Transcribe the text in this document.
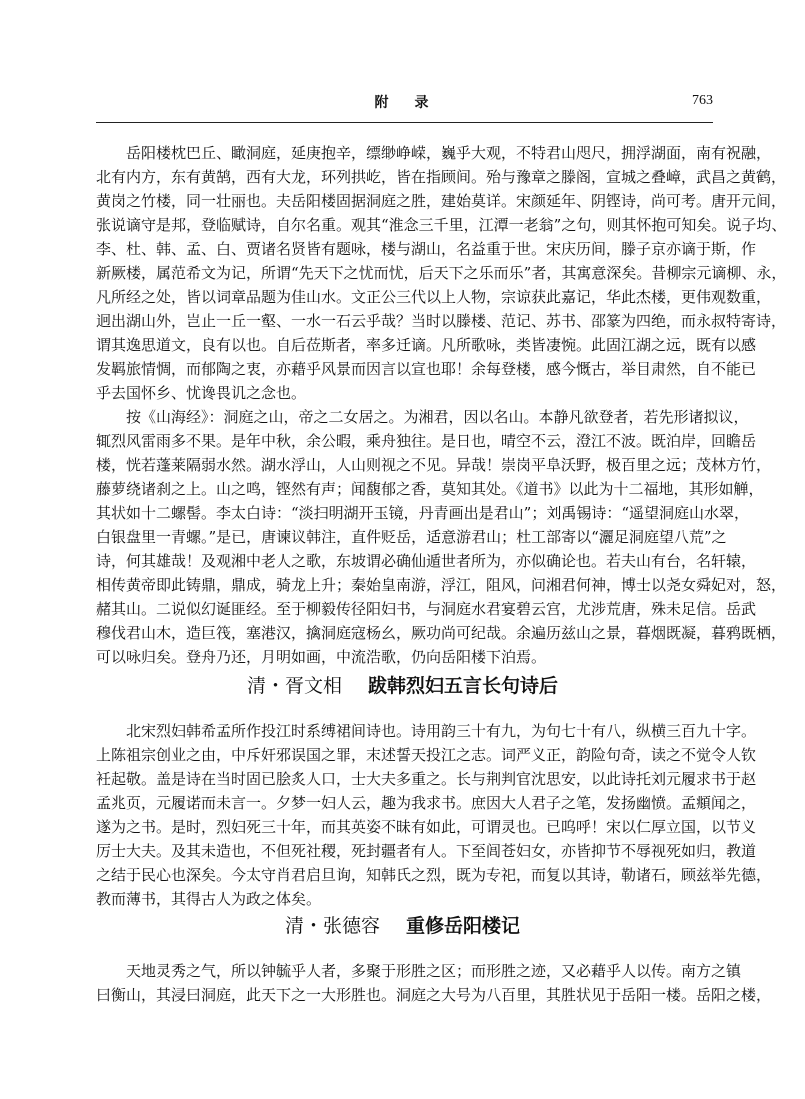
附　录	763
岳阳楼枕巴丘、瞰洞庭，延庚抱辛，缥缈峥嵘，巍乎大观，不特君山咫尺，拥浮湖面，南有祝融，
北有内方，东有黄鹄，西有大龙，环列拱屹，皆在指顾间。殆与豫章之滕阁，宣城之叠嶂，武昌之黄鹤，
黄岗之竹楼，同一壮丽也。夫岳阳楼固据洞庭之胜，建始莫详。宋颜延年、阴铿诗，尚可考。唐开元间，
张说谪守是邦，登临赋诗，自尔名重。观其“淮念三千里，江潭一老翁”之句，则其怀抱可知矣。说子均、
李、杜、韩、孟、白、贾诸名贤皆有题咏，楼与湖山，名益重于世。宋庆历间，滕子京亦谪于斯，作
新厥楼，属范希文为记，所谓“先天下之忧而忧，后天下之乐而乐”者，其寓意深矣。昔柳宗元谪柳、永，
凡所经之处，皆以词章品题为佳山水。文正公三代以上人物，宗谅获此嘉记，华此杰楼，更伟观数重，
迥出湖山外，岂止一丘一壑、一水一石云乎哉？当时以滕楼、范记、苏书、邵篆为四绝，而永叔特寄诗，
谓其逸思道文，良有以也。自后莅斯者，率多迁谪。凡所歌咏，类皆凄惋。此固江湖之远，既有以感
发羁旅情惆，而郁陶之衷，亦藉乎风景而因言以宣也耶！余每登楼，感今慨古，举目肃然，自不能已
乎去国怀乡、忧谗畏讥之念也。
按《山海经》：洞庭之山，帝之二女居之。为湘君，因以名山。本静凡欲登者，若先形诸拟议，
辄烈风雷雨多不果。是年中秋，余公暇，乘舟独往。是日也，晴空不云，澄江不波。既泊岸，回瞻岳
楼，恍若蓬莱隔弱水然。湖水浮山，人山则视之不见。异哉！崇岗平阜沃野，极百里之远；茂林方竹，
藤萝绕诸刹之上。山之鸣，铿然有声；闻馥郁之香，莫知其处。《道书》以此为十二福地，其形如觯，
其状如十二螺髻。李太白诗：“淡扫明湖开玉镜，丹青画出是君山”；刘禹锡诗：“遥望洞庭山水翠，
白银盘里一青螺。”是已，唐谏议韩注，直件贬岳，适意游君山；杜工部寄以“灑足洞庭望八荒”之
诗，何其雄哉！及观湘中老人之歌，东坡谓必确仙遁世者所为，亦似确论也。若夫山有台，名轩辕，
相传黄帝即此铸鼎，鼎成，骑龙上升；秦始皇南游，浮江，阻风，问湘君何神，博士以尧女舜妃对，怒，
赭其山。二说似幻诞匪经。至于柳毅传径阳妇书，与洞庭水君宴碧云宫，尤涉荒唐，殊未足信。岳武
穆伐君山木，造巨筏，塞港汉，擒洞庭寇杨幺，厥功尚可纪哉。余遍历兹山之景，暮烟既凝，暮鸦既栖，
可以咏归矣。登舟乃还，月明如画，中流浩歌，仍向岳阳楼下泊焉。
清・胥文相 跋韩烈妇五言长句诗后
北宋烈妇韩希孟所作投江时系缚裙间诗也。诗用韵三十有九，为句七十有八，纵横三百九十字。
上陈祖宗创业之由，中斥奸邪误国之罪，末述誓天投江之志。词严义正，韵险句奇，读之不觉令人钦
衽起敬。盖是诗在当时固已脍炙人口，士大夫多重之。长与荆判官沈思安，以此诗托刘元履求书于赵
孟兆页，元履诺而未言一。夕梦一妇人云，趣为我求书。庶因大人君子之笔，发扬幽愤。孟頫闻之，
遂为之书。是时，烈妇死三十年，而其英姿不昧有如此，可谓灵也。已呜呼！宋以仁厚立国，以节义
厉士大夫。及其未造也，不但死社稷，死封疆者有人。下至闾苍妇女，亦皆抑节不辱视死如归，教道
之结于民心也深矣。今太守肖君启旦询，知韩氏之烈，既为专祀，而复以其诗，勒诸石，顾兹举先德，
教而薄书，其得古人为政之体矣。
清・张德容 重修岳阳楼记
天地灵秀之气，所以钟毓乎人者，多聚于形胜之区；而形胜之迹，又必藉乎人以传。南方之镇
曰衡山，其浸曰洞庭，此天下之一大形胜也。洞庭之大号为八百里，其胜状见于岳阳一楼。岳阳之楼，
